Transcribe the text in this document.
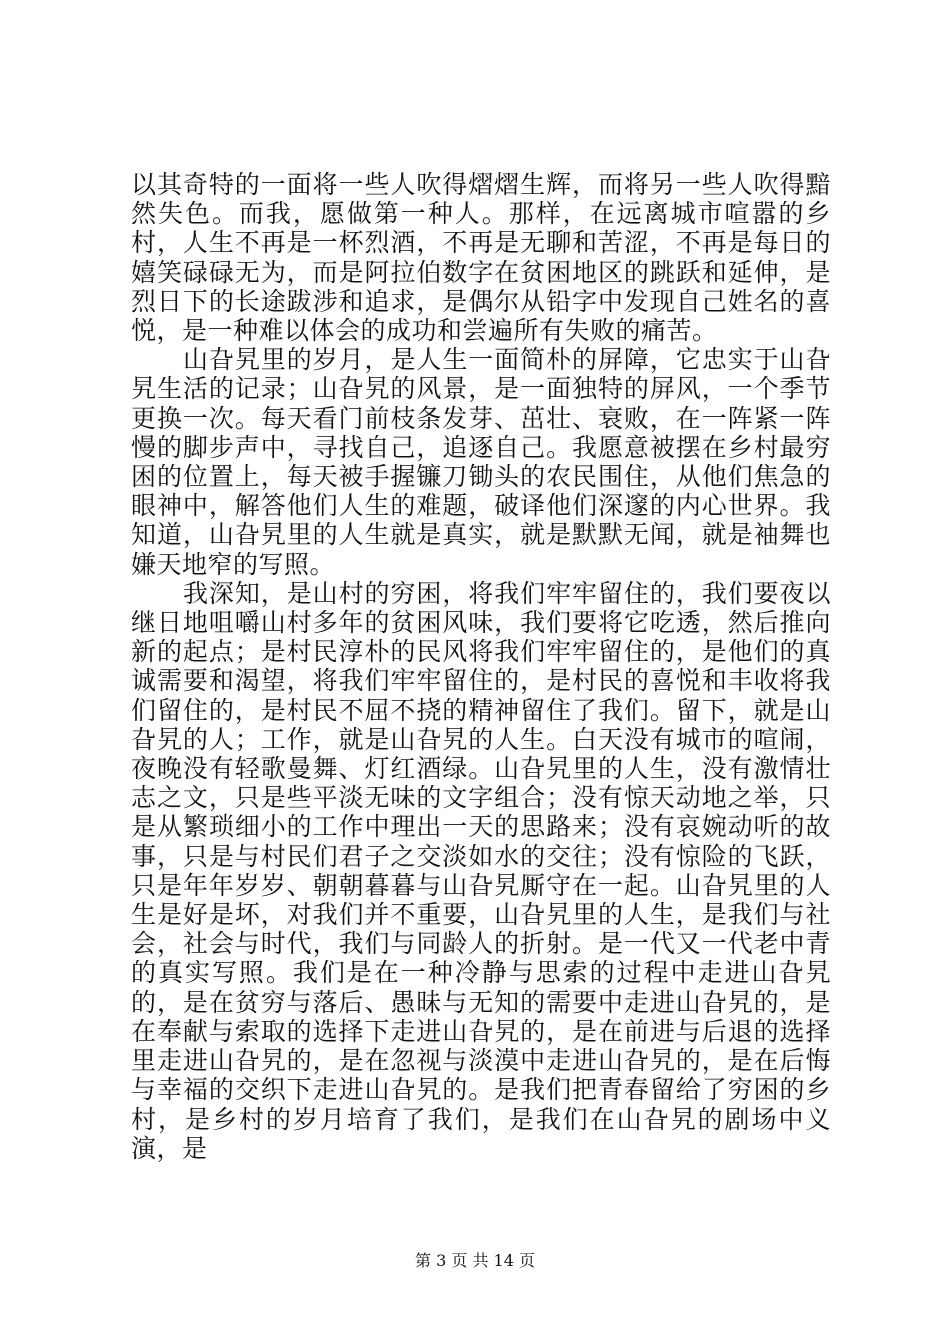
以其奇特的一面将一些人吹得熠熠生辉，而将另一些人吹得黯然失色。而我，愿做第一种人。那样，在远离城市喧嚣的乡村，人生不再是一杯烈酒，不再是无聊和苦涩，不再是每日的嬉笑碌碌无为，而是阿拉伯数字在贫困地区的跳跃和延伸，是烈日下的长途跋涉和追求，是偶尔从铅字中发现自己姓名的喜悦，是一种难以体会的成功和尝遍所有失败的痛苦。

山旮旯里的岁月，是人生一面简朴的屏障，它忠实于山旮旯生活的记录；山旮旯的风景，是一面独特的屏风，一个季节更换一次。每天看门前枝条发芽、茁壮、衰败，在一阵紧一阵慢的脚步声中，寻找自己，追逐自己。我愿意被摆在乡村最穷困的位置上，每天被手握镰刀锄头的农民围住，从他们焦急的眼神中，解答他们人生的难题，破译他们深邃的内心世界。我知道，山旮旯里的人生就是真实，就是默默无闻，就是袖舞也嫌天地窄的写照。

我深知，是山村的穷困，将我们牢牢留住的，我们要夜以继日地咀嚼山村多年的贫困风味，我们要将它吃透，然后推向新的起点；是村民淳朴的民风将我们牢牢留住的，是他们的真诚需要和渴望，将我们牢牢留住的，是村民的喜悦和丰收将我们留住的，是村民不屈不挠的精神留住了我们。留下，就是山旮旯的人；工作，就是山旮旯的人生。白天没有城市的喧闹，夜晚没有轻歌曼舞、灯红酒绿。山旮旯里的人生，没有激情壮志之文，只是些平淡无味的文字组合；没有惊天动地之举，只是从繁琐细小的工作中理出一天的思路来；没有哀婉动听的故事，只是与村民们君子之交淡如水的交往；没有惊险的飞跃，只是年年岁岁、朝朝暮暮与山旮旯厮守在一起。山旮旯里的人生是好是坏，对我们并不重要，山旮旯里的人生，是我们与社会，社会与时代，我们与同龄人的折射。是一代又一代老中青的真实写照。我们是在一种冷静与思索的过程中走进山旮旯的，是在贫穷与落后、愚昧与无知的需要中走进山旮旯的，是在奉献与索取的选择下走进山旮旯的，是在前进与后退的选择里走进山旮旯的，是在忽视与淡漠中走进山旮旯的，是在后悔与幸福的交织下走进山旮旯的。是我们把青春留给了穷困的乡村，是乡村的岁月培育了我们，是我们在山旮旯的剧场中义演，是

第 3 页 共 14 页
